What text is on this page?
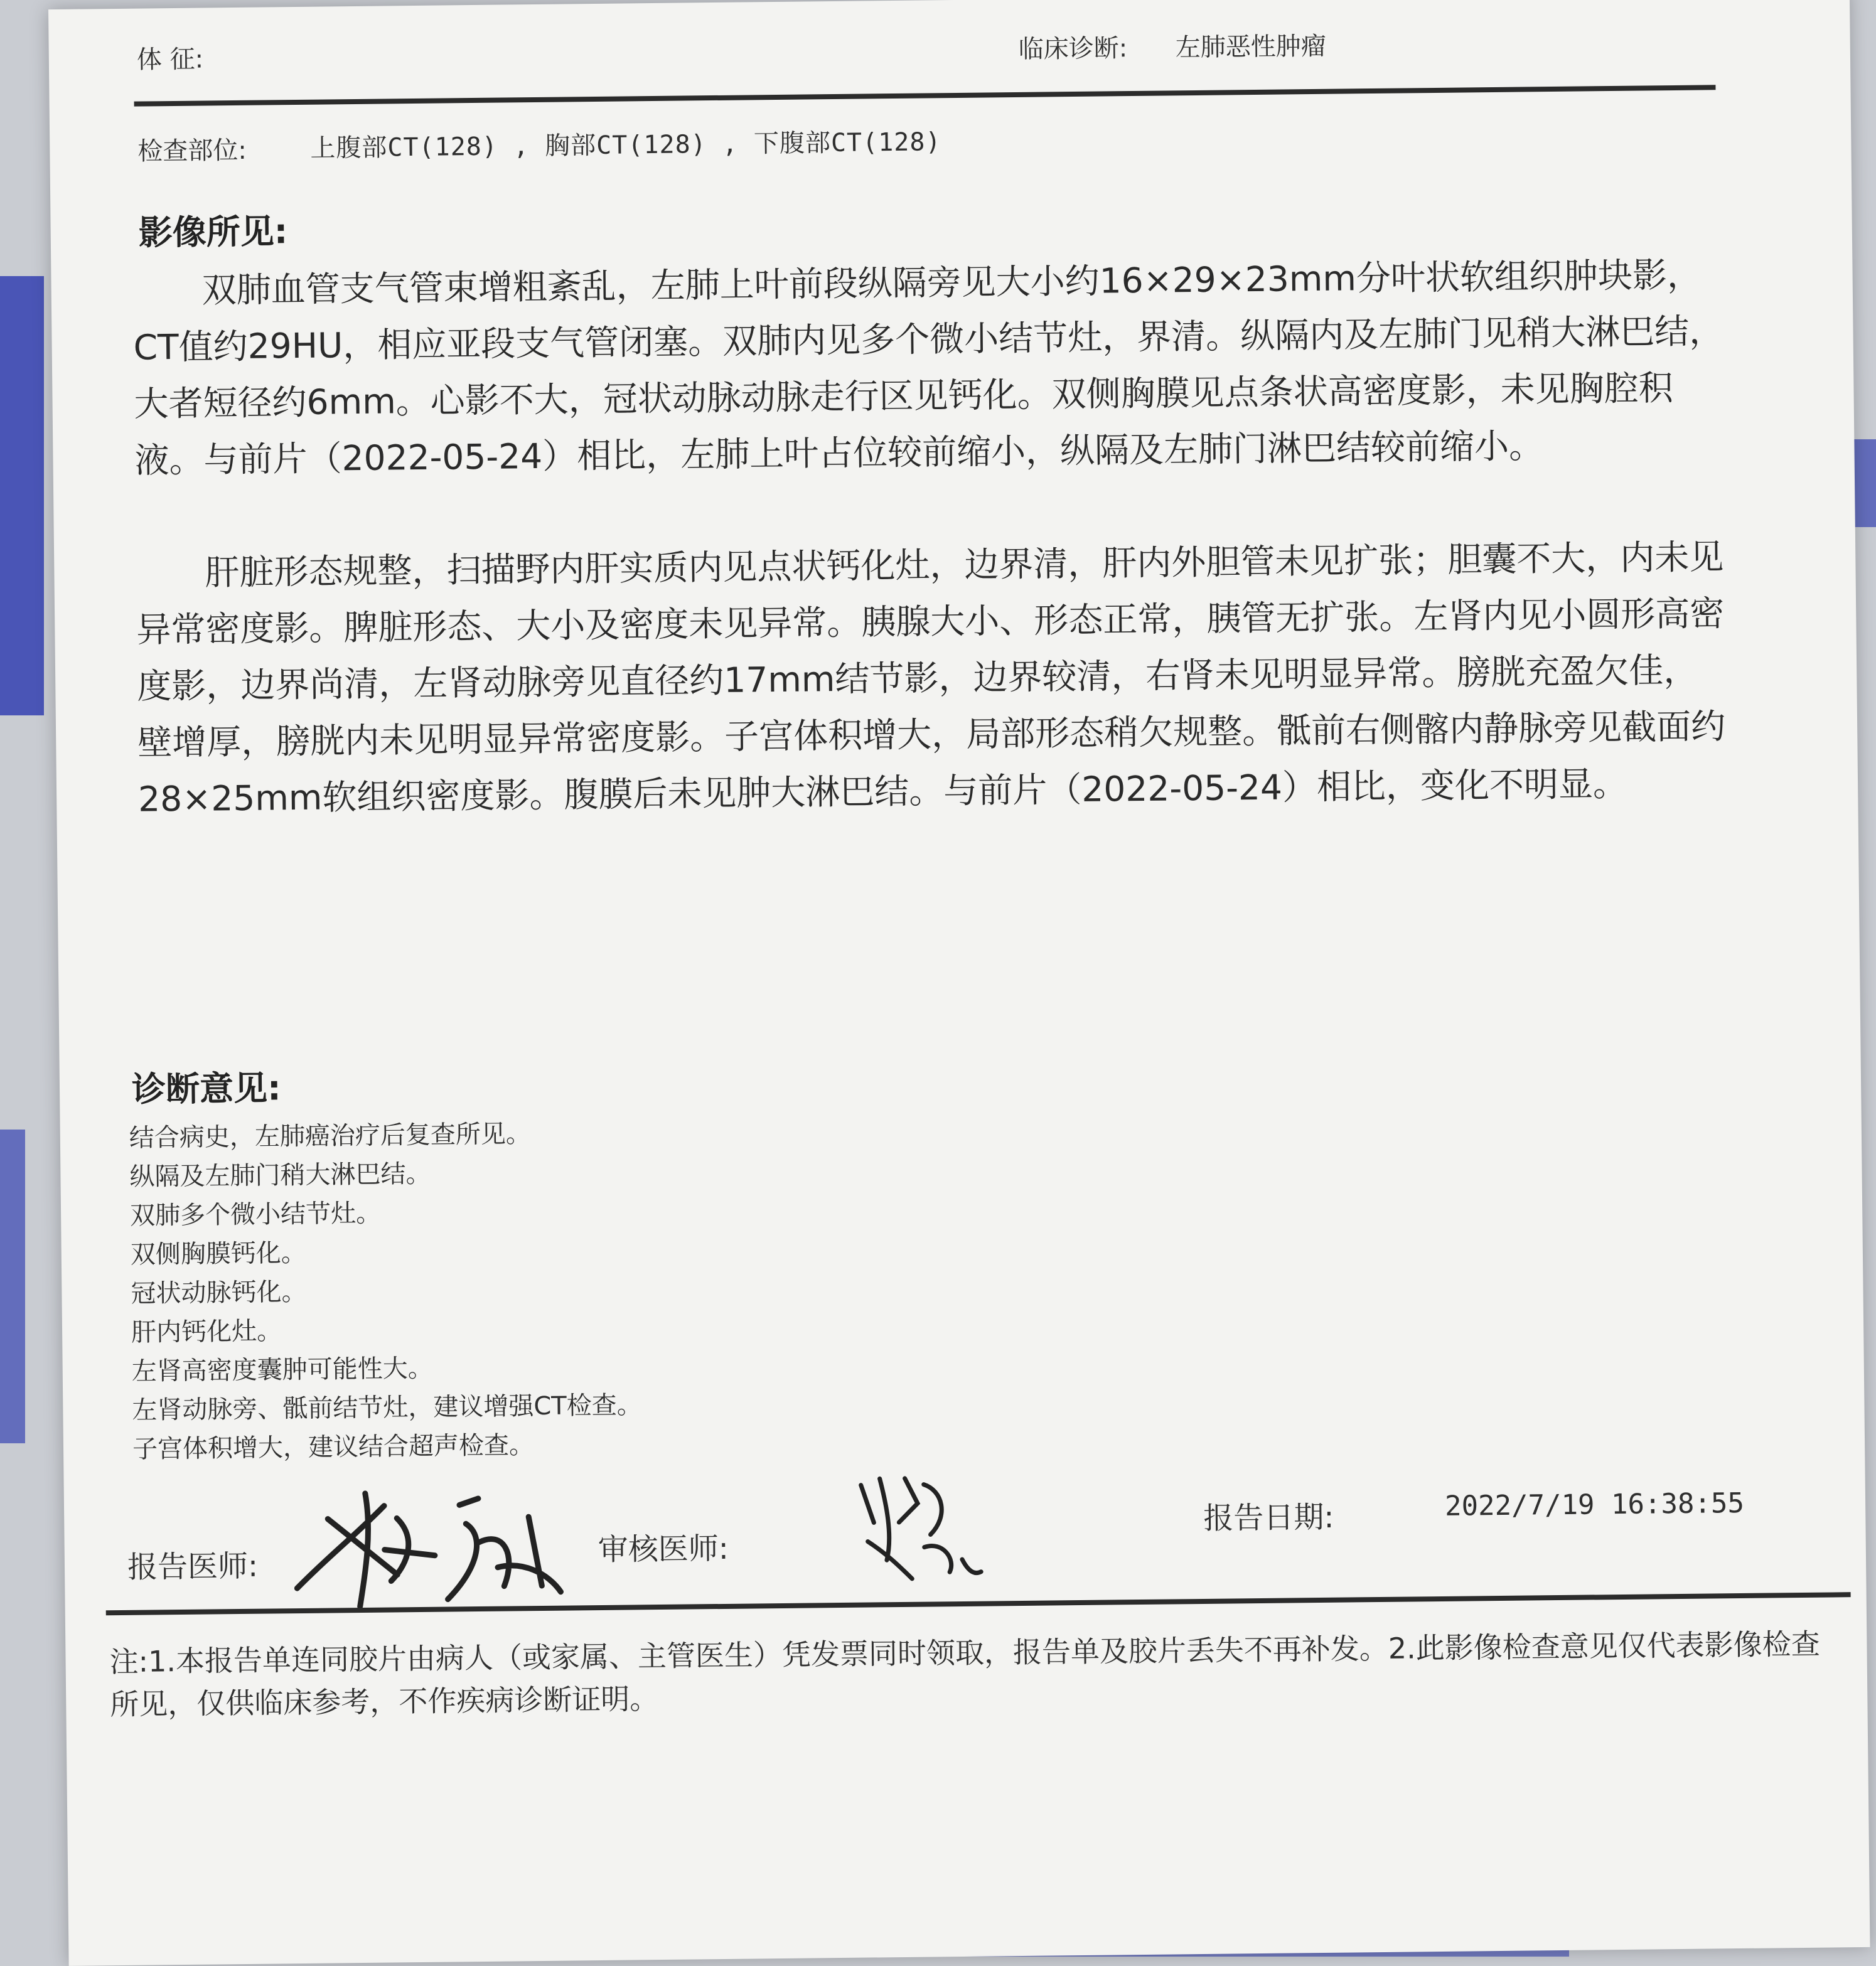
体 征:	临床诊断: 左肺恶性肿瘤
检查部位:	上腹部CT(128) , 胸部CT(128) , 下腹部CT(128)
影像所见:
双肺血管支气管束增粗紊乱，左肺上叶前段纵隔旁见大小约16×29×23mm分叶状软组织肿块影，CT值约29HU，相应亚段支气管闭塞。双肺内见多个微小结节灶，界清。纵隔内及左肺门见稍大淋巴结，大者短径约6mm。心影不大，冠状动脉动脉走行区见钙化。双侧胸膜见点条状高密度影，未见胸腔积液。与前片（2022-05-24）相比，左肺上叶占位较前缩小，纵隔及左肺门淋巴结较前缩小。
肝脏形态规整，扫描野内肝实质内见点状钙化灶，边界清，肝内外胆管未见扩张；胆囊不大，内未见异常密度影。脾脏形态、大小及密度未见异常。胰腺大小、形态正常，胰管无扩张。左肾内见小圆形高密度影，边界尚清，左肾动脉旁见直径约17mm结节影，边界较清，右肾未见明显异常。膀胱充盈欠佳，壁增厚，膀胱内未见明显异常密度影。子宫体积增大，局部形态稍欠规整。骶前右侧髂内静脉旁见截面约28×25mm软组织密度影。腹膜后未见肿大淋巴结。与前片（2022-05-24）相比，变化不明显。
诊断意见:
结合病史，左肺癌治疗后复查所见。
纵隔及左肺门稍大淋巴结。
双肺多个微小结节灶。
双侧胸膜钙化。
冠状动脉钙化。
肝内钙化灶。
左肾高密度囊肿可能性大。
左肾动脉旁、骶前结节灶，建议增强CT检查。
子宫体积增大，建议结合超声检查。
报告医师:	审核医师:
报告日期:	2022/7/19 16:38:55
注:1.本报告单连同胶片由病人（或家属、主管医生）凭发票同时领取，报告单及胶片丢失不再补发。2.此影像检查意见仅代表影像检查所见，仅供临床参考，不作疾病诊断证明。
